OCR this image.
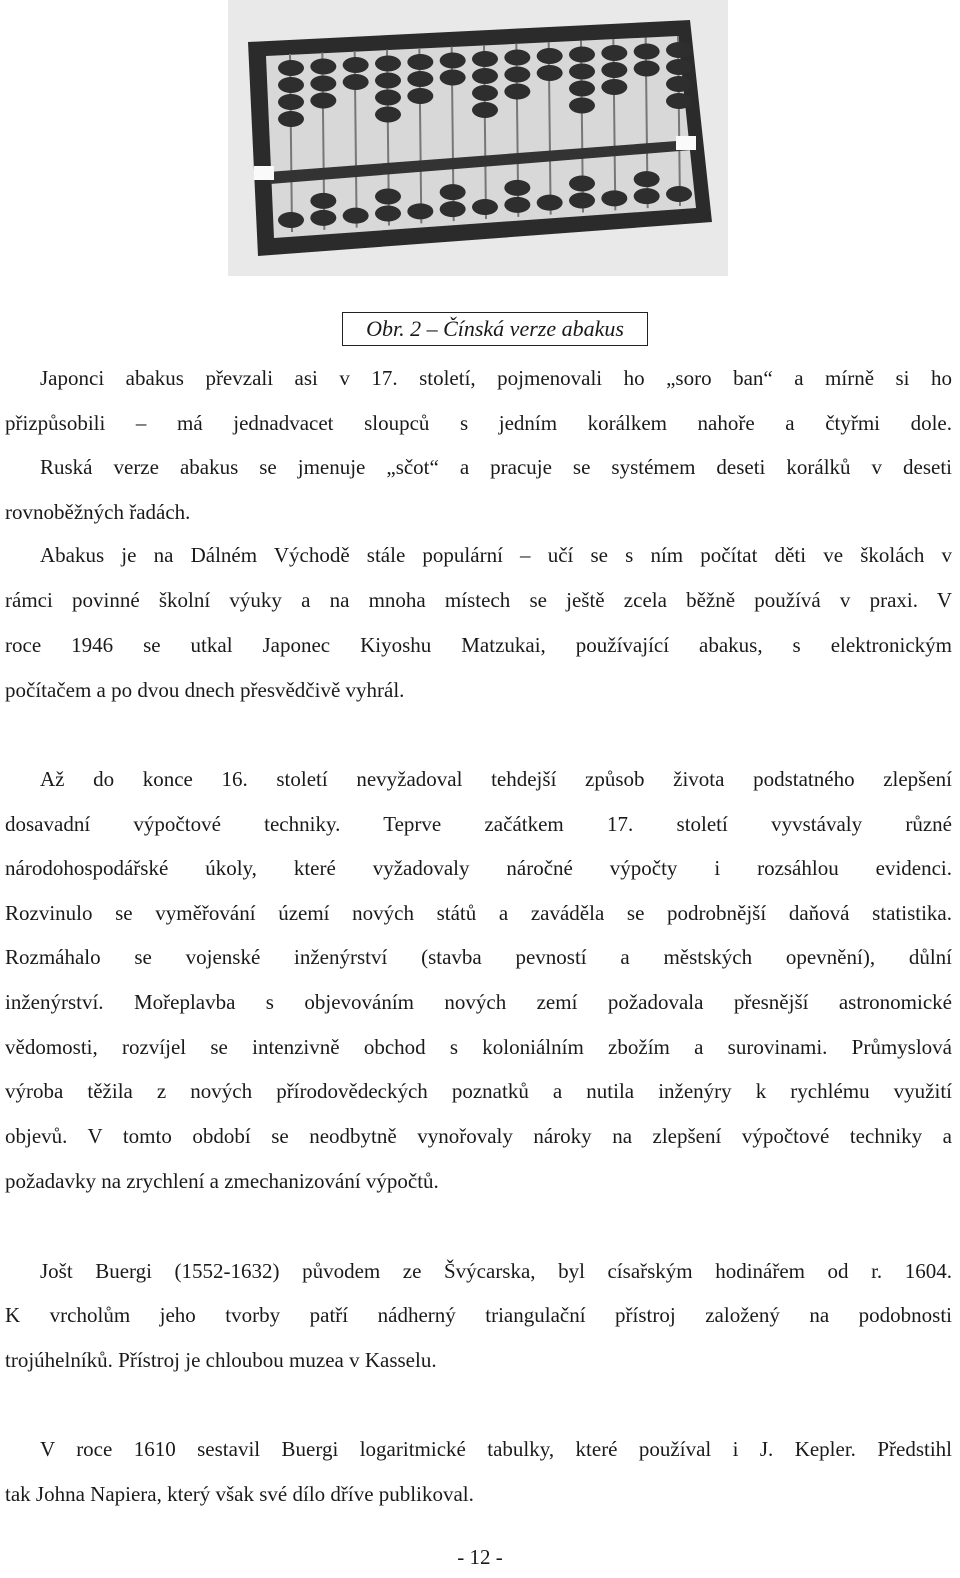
Obr. 2 – Čínská verze abakus
Japonci abakus převzali asi v 17. století, pojmenovali ho „soro ban“ a mírně si ho
přizpůsobili – má jednadvacet sloupců s jedním korálkem nahoře a čtyřmi dole.
Ruská verze abakus se jmenuje „sčot“ a pracuje se systémem deseti korálků v deseti
rovnoběžných řadách.
Abakus je na Dálném Východě stále populární – učí se s ním počítat děti ve školách v
rámci povinné školní výuky a na mnoha místech se ještě zcela běžně používá v praxi. V
roce 1946 se utkal Japonec Kiyoshu Matzukai, používající abakus, s elektronickým
počítačem a po dvou dnech přesvědčivě vyhrál.
Až do konce 16. století nevyžadoval tehdejší způsob života podstatného zlepšení
dosavadní výpočtové techniky. Teprve začátkem 17. století vyvstávaly různé
národohospodářské úkoly, které vyžadovaly náročné výpočty i rozsáhlou evidenci.
Rozvinulo se vyměřování území nových států a zaváděla se podrobnější daňová statistika.
Rozmáhalo se vojenské inženýrství (stavba pevností a městských opevnění), důlní
inženýrství. Mořeplavba s objevováním nových zemí požadovala přesnější astronomické
vědomosti, rozvíjel se intenzivně obchod s koloniálním zbožím a surovinami. Průmyslová
výroba těžila z nových přírodovědeckých poznatků a nutila inženýry k rychlému využití
objevů. V tomto období se neodbytně vynořovaly nároky na zlepšení výpočtové techniky a
požadavky na zrychlení a zmechanizování výpočtů.
Jošt Buergi (1552-1632) původem ze Švýcarska, byl císařským hodinářem od r. 1604.
K vrcholům jeho tvorby patří nádherný triangulační přístroj založený na podobnosti
trojúhelníků. Přístroj je chloubou muzea v Kasselu.
V roce 1610 sestavil Buergi logaritmické tabulky, které používal i J. Kepler. Předstihl
tak Johna Napiera, který však své dílo dříve publikoval.
- 12 -
